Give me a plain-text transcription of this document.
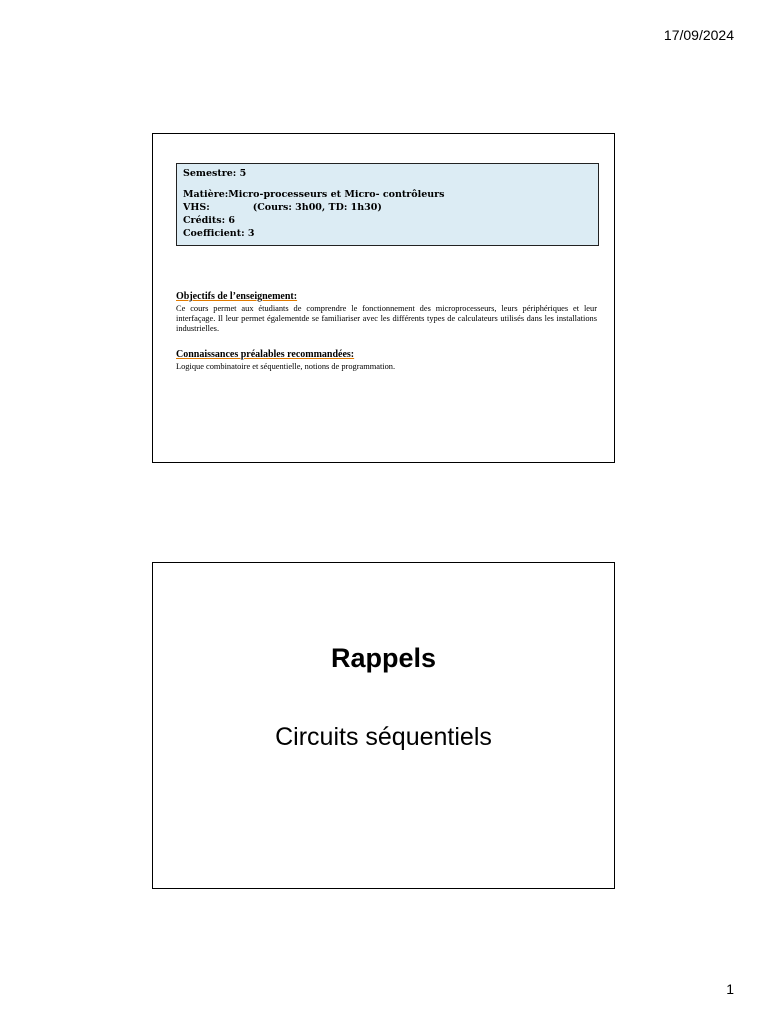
17/09/2024
Semestre: 5
Matière:Micro-processeurs et Micro- contrôleurs
VHS:             (Cours: 3h00, TD: 1h30)
Crédits: 6
Coefficient: 3
Objectifs de l’enseignement:
Ce cours permet aux étudiants de comprendre le fonctionnement des microprocesseurs, leurs périphériques et leur interfaçage. Il leur permet égalementde se familiariser avec les différents types de calculateurs utilisés dans les installations industrielles.
Connaissances préalables recommandées:
Logique combinatoire et séquentielle, notions de programmation.
Rappels
Circuits séquentiels
1
